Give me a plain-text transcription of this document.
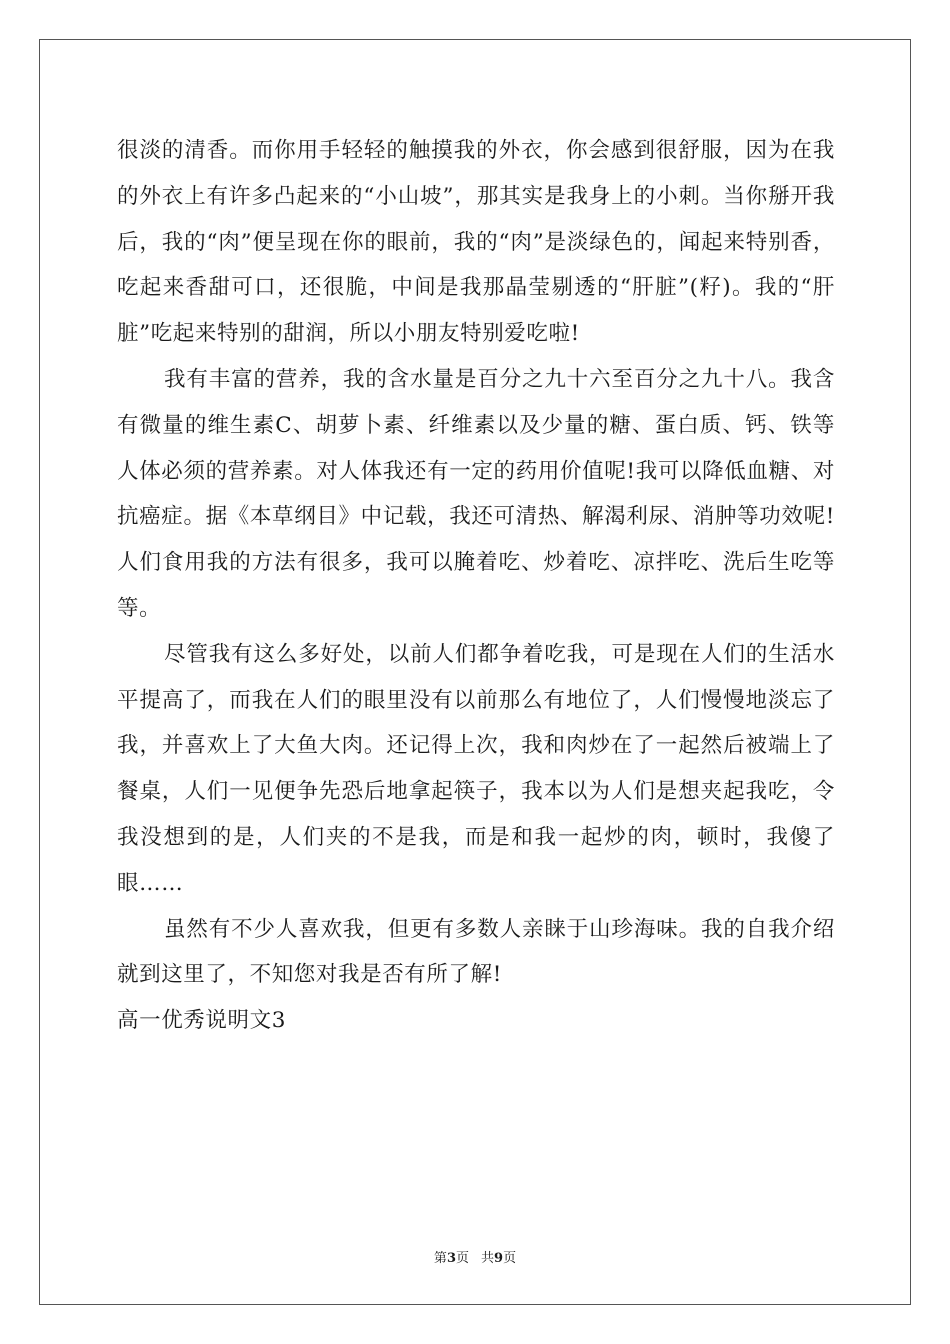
很淡的清香。而你用手轻轻的触摸我的外衣，你会感到很舒服，因为在我的外衣上有许多凸起来的“小山坡”，那其实是我身上的小刺。当你掰开我后，我的“肉”便呈现在你的眼前，我的“肉”是淡绿色的，闻起来特别香，吃起来香甜可口，还很脆，中间是我那晶莹剔透的“肝脏”(籽)。我的“肝脏”吃起来特别的甜润，所以小朋友特别爱吃啦!

我有丰富的营养，我的含水量是百分之九十六至百分之九十八。我含有微量的维生素C、胡萝卜素、纤维素以及少量的糖、蛋白质、钙、铁等人体必须的营养素。对人体我还有一定的药用价值呢!我可以降低血糖、对抗癌症。据《本草纲目》中记载，我还可清热、解渴利尿、消肿等功效呢!人们食用我的方法有很多，我可以腌着吃、炒着吃、凉拌吃、洗后生吃等等。

尽管我有这么多好处，以前人们都争着吃我，可是现在人们的生活水平提高了，而我在人们的眼里没有以前那么有地位了，人们慢慢地淡忘了我，并喜欢上了大鱼大肉。还记得上次，我和肉炒在了一起然后被端上了餐桌，人们一见便争先恐后地拿起筷子，我本以为人们是想夹起我吃，令我没想到的是，人们夹的不是我，而是和我一起炒的肉，顿时，我傻了眼……

虽然有不少人喜欢我，但更有多数人亲睐于山珍海味。我的自我介绍就到这里了，不知您对我是否有所了解!

高一优秀说明文3
第3页 共9页
